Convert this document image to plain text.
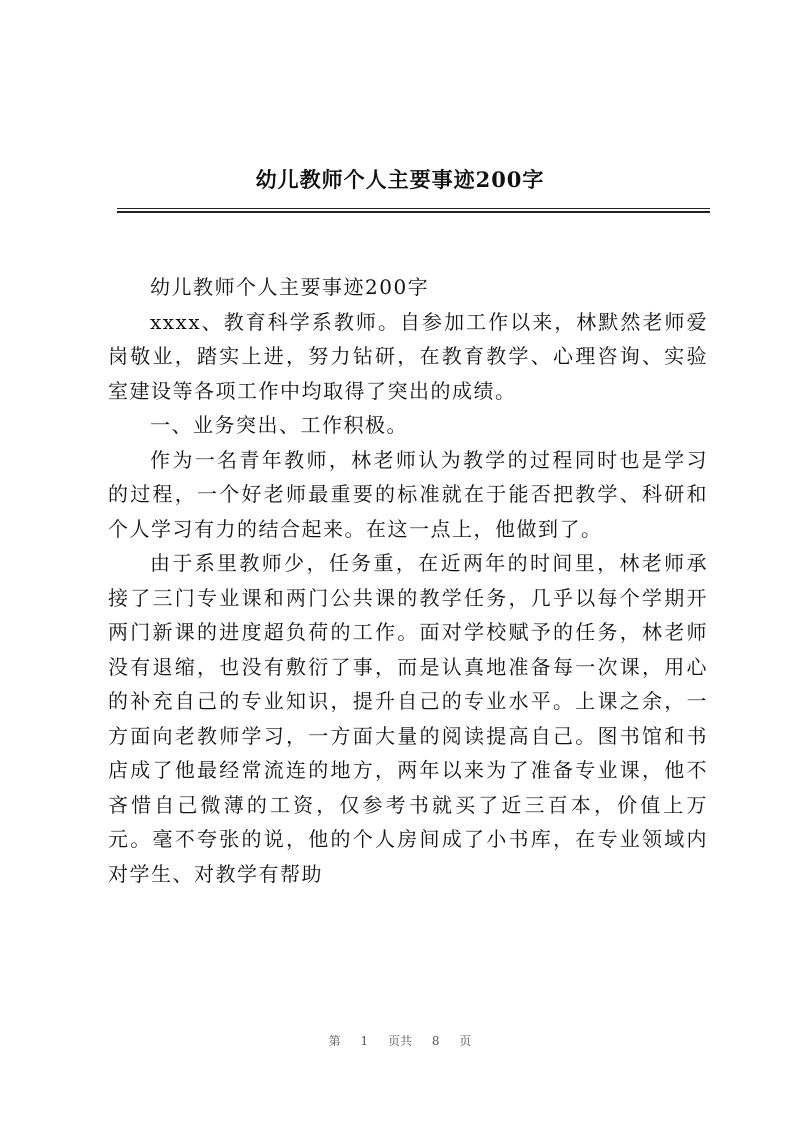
幼儿教师个人主要事迹200字

幼儿教师个人主要事迹200字

xxxx、教育科学系教师。自参加工作以来，林默然老师爱岗敬业，踏实上进，努力钻研，在教育教学、心理咨询、实验室建设等各项工作中均取得了突出的成绩。

一、业务突出、工作积极。

作为一名青年教师，林老师认为教学的过程同时也是学习的过程，一个好老师最重要的标准就在于能否把教学、科研和个人学习有力的结合起来。在这一点上，他做到了。

由于系里教师少，任务重，在近两年的时间里，林老师承接了三门专业课和两门公共课的教学任务，几乎以每个学期开两门新课的进度超负荷的工作。面对学校赋予的任务，林老师没有退缩，也没有敷衍了事，而是认真地准备每一次课，用心的补充自己的专业知识，提升自己的专业水平。上课之余，一方面向老教师学习，一方面大量的阅读提高自己。图书馆和书店成了他最经常流连的地方，两年以来为了准备专业课，他不吝惜自己微薄的工资，仅参考书就买了近三百本，价值上万元。毫不夸张的说，他的个人房间成了小书库，在专业领域内对学生、对教学有帮助

第 1 页共 8 页
